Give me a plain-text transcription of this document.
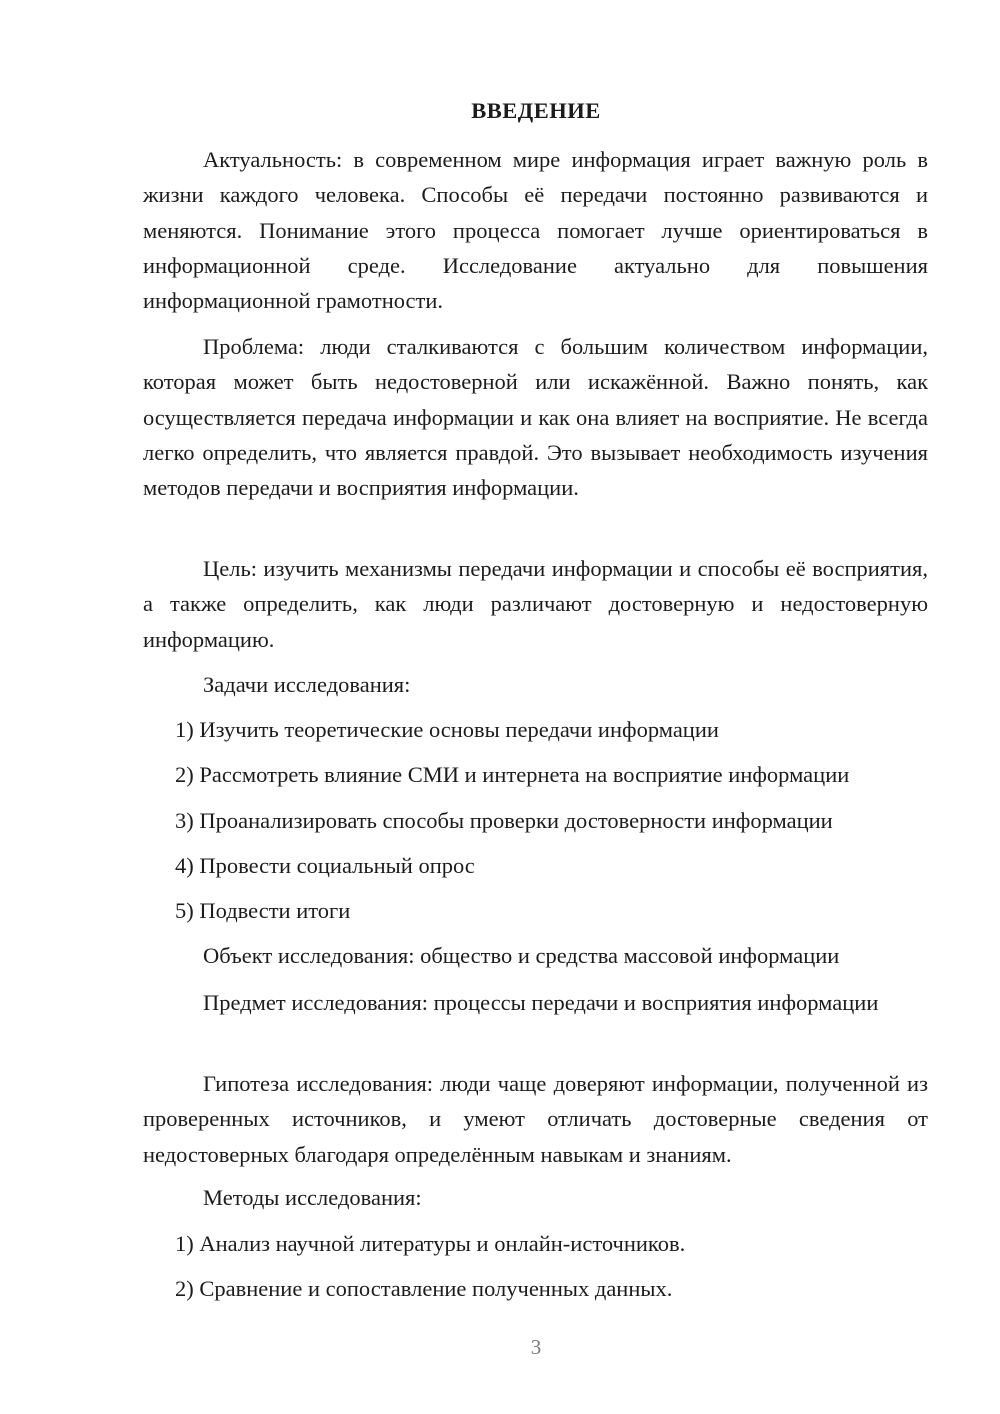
ВВЕДЕНИЕ

Актуальность: в современном мире информация играет важную роль в жизни каждого человека. Способы её передачи постоянно развиваются и меняются. Понимание этого процесса помогает лучше ориентироваться в информационной среде. Исследование актуально для повышения информационной грамотности.

Проблема: люди сталкиваются с большим количеством информации, которая может быть недостоверной или искажённой. Важно понять, как осуществляется передача информации и как она влияет на восприятие. Не всегда легко определить, что является правдой. Это вызывает необходимость изучения методов передачи и восприятия информации.

Цель: изучить механизмы передачи информации и способы её восприятия, а также определить, как люди различают достоверную и недостоверную информацию.

Задачи исследования:

1) Изучить теоретические основы передачи информации

2) Рассмотреть влияние СМИ и интернета на восприятие информации

3) Проанализировать способы проверки достоверности информации

4) Провести социальный опрос

5) Подвести итоги

Объект исследования: общество и средства массовой информации

Предмет исследования: процессы передачи и восприятия информации

Гипотеза исследования: люди чаще доверяют информации, полученной из проверенных источников, и умеют отличать достоверные сведения от недостоверных благодаря определённым навыкам и знаниям.

Методы исследования:

1) Анализ научной литературы и онлайн-источников.

2) Сравнение и сопоставление полученных данных.

3
